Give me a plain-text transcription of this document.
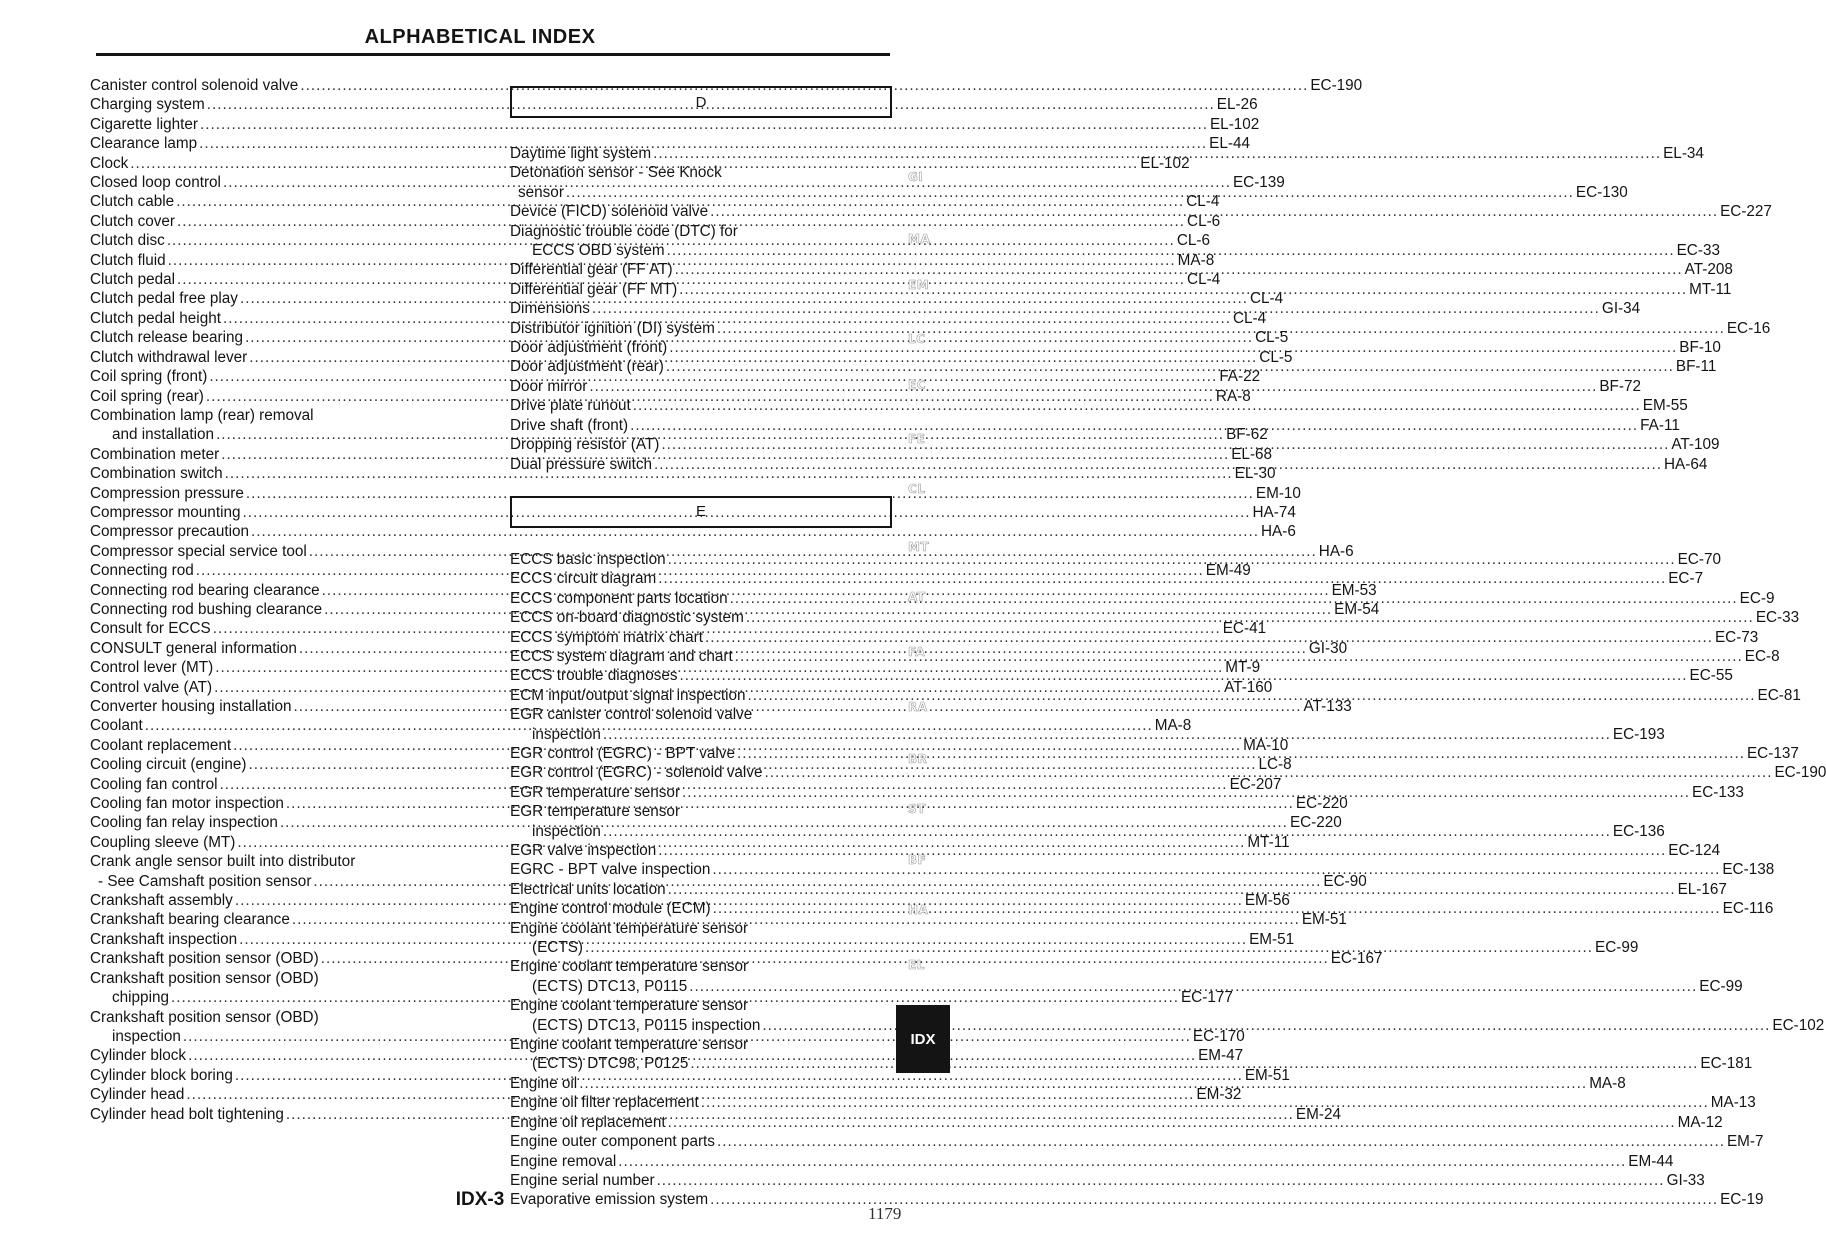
ALPHABETICAL INDEX
Canister control solenoid valve .....	EC-190
Charging system .....	EL-26
Cigarette lighter .....	EL-102
Clearance lamp .....	EL-44
Clock .....	EL-102
Closed loop control .....	EC-139
Clutch cable .....	CL-4
Clutch cover .....	CL-6
Clutch disc .....	CL-6
Clutch fluid .....	MA-8
Clutch pedal .....	CL-4
Clutch pedal free play .....	CL-4
Clutch pedal height .....	CL-4
Clutch release bearing .....	CL-5
Clutch withdrawal lever .....	CL-5
Coil spring (front) .....	FA-22
Coil spring (rear) .....	RA-8
Combination lamp (rear) removal
and installation .....	BF-62
Combination meter .....	EL-68
Combination switch .....	EL-30
Compression pressure .....	EM-10
Compressor mounting .....	HA-74
Compressor precaution .....	HA-6
Compressor special service tool .....	HA-6
Connecting rod .....	EM-49
Connecting rod bearing clearance .....	EM-53
Connecting rod bushing clearance .....	EM-54
Consult for ECCS .....	EC-41
CONSULT general information .....	GI-30
Control lever (MT) .....	MT-9
Control valve (AT) .....	AT-160
Converter housing installation .....	AT-133
Coolant .....	MA-8
Coolant replacement .....	MA-10
Cooling circuit (engine) .....	LC-8
Cooling fan control .....	EC-207
Cooling fan motor inspection .....	EC-220
Cooling fan relay inspection .....	EC-220
Coupling sleeve (MT) .....	MT-11
Crank angle sensor built into distributor
- See Camshaft position sensor .....	EC-90
Crankshaft assembly .....	EM-56
Crankshaft bearing clearance .....	EM-51
Crankshaft inspection .....	EM-51
Crankshaft position sensor (OBD) .....	EC-167
Crankshaft position sensor (OBD)
chipping .....	EC-177
Crankshaft position sensor (OBD)
inspection .....	EC-170
Cylinder block .....	EM-47
Cylinder block boring .....	EM-51
Cylinder head .....	EM-32
Cylinder head bolt tightening .....	EM-24
D
Daytime light system .....	EL-34
Detonation sensor - See Knock
sensor .....	EC-130
Device (FICD) solenoid valve .....	EC-227
Diagnostic trouble code (DTC) for
ECCS OBD system .....	EC-33
Differential gear (FF AT) .....	AT-208
Differential gear (FF MT) .....	MT-11
Dimensions .....	GI-34
Distributor ignition (DI) system .....	EC-16
Door adjustment (front) .....	BF-10
Door adjustment (rear) .....	BF-11
Door mirror .....	BF-72
Drive plate runout .....	EM-55
Drive shaft (front) .....	FA-11
Dropping resistor (AT) .....	AT-109
Dual pressure switch .....	HA-64
E
ECCS basic inspection .....	EC-70
ECCS circuit diagram .....	EC-7
ECCS component parts location .....	EC-9
ECCS on-board diagnostic system .....	EC-33
ECCS symptom matrix chart .....	EC-73
ECCS system diagram and chart .....	EC-8
ECCS trouble diagnoses .....	EC-55
ECM input/output signal inspection .....	EC-81
EGR canister control solenoid valve
inspection .....	EC-193
EGR control (EGRC) - BPT valve .....	EC-137
EGR control (EGRC) - solenoid valve .....	EC-190
EGR temperature sensor .....	EC-133
EGR temperature sensor
inspection .....	EC-136
EGR valve inspection .....	EC-124
EGRC - BPT valve inspection .....	EC-138
Electrical units location .....	EL-167
Engine control module (ECM) .....	EC-116
Engine coolant temperature sensor
(ECTS) .....	EC-99
Engine coolant temperature sensor
(ECTS) DTC13, P0115 .....	EC-99
Engine coolant temperature sensor
(ECTS) DTC13, P0115 inspection .....	EC-102
Engine coolant temperature sensor
(ECTS) DTC98, P0125 .....	EC-181
Engine oil .....	MA-8
Engine oil filter replacement .....	MA-13
Engine oil replacement .....	MA-12
Engine outer component parts .....	EM-7
Engine removal .....	EM-44
Engine serial number .....	GI-33
Evaporative emission system .....	EC-19
GI
MA
EM
LC
EC
FE
CL
MT
AT
FA
RA
BR
ST
BF
HA
EL
IDX
IDX-3
1179
